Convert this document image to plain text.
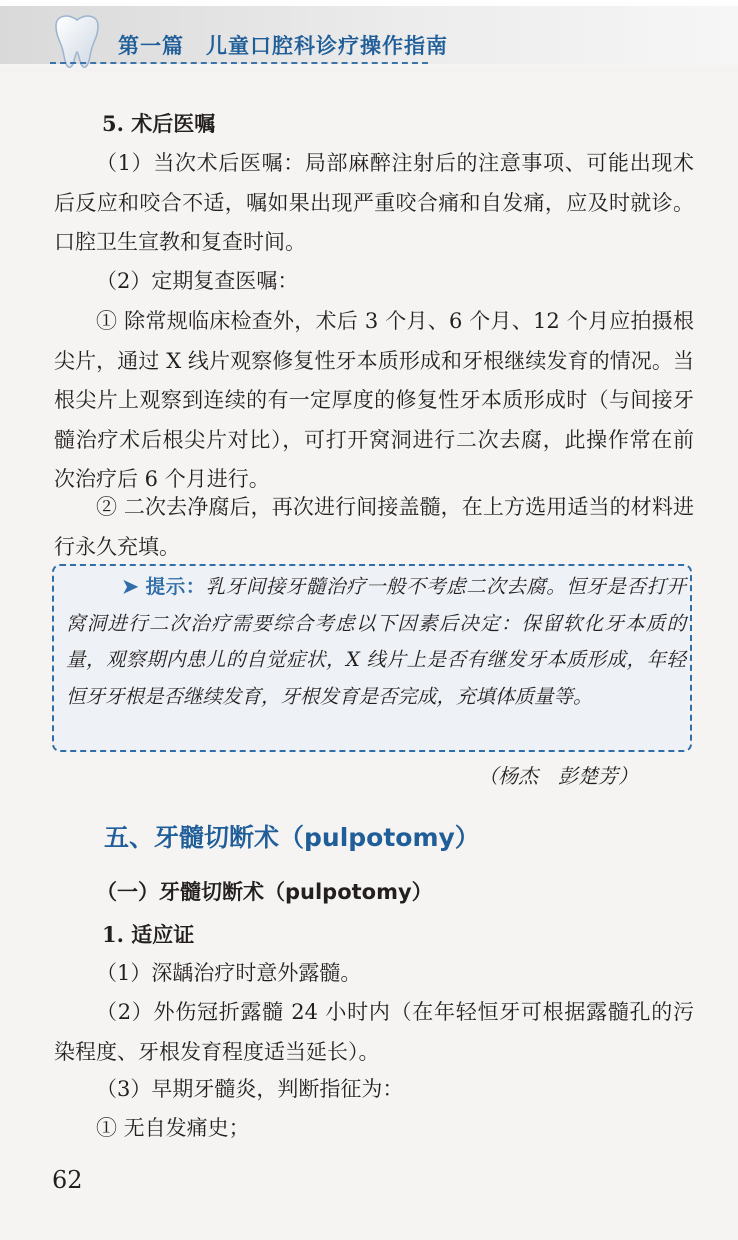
第一篇　儿童口腔科诊疗操作指南
5. 术后医嘱

（1）当次术后医嘱：局部麻醉注射后的注意事项、可能出现术后反应和咬合不适，嘱如果出现严重咬合痛和自发痛，应及时就诊。口腔卫生宣教和复查时间。

（2）定期复查医嘱：

① 除常规临床检查外，术后 3 个月、6 个月、12 个月应拍摄根尖片，通过 X 线片观察修复性牙本质形成和牙根继续发育的情况。当根尖片上观察到连续的有一定厚度的修复性牙本质形成时（与间接牙髓治疗术后根尖片对比），可打开窝洞进行二次去腐，此操作常在前次治疗后 6 个月进行。

② 二次去净腐后，再次进行间接盖髓，在上方选用适当的材料进行永久充填。

➤ 提示：乳牙间接牙髓治疗一般不考虑二次去腐。恒牙是否打开窝洞进行二次治疗需要综合考虑以下因素后决定：保留软化牙本质的量，观察期内患儿的自觉症状，X 线片上是否有继发牙本质形成，年轻恒牙牙根是否继续发育，牙根发育是否完成，充填体质量等。

（杨杰　彭楚芳）
五、牙髓切断术（pulpotomy）
（一）牙髓切断术（pulpotomy）
1. 适应证

（1）深龋治疗时意外露髓。

（2）外伤冠折露髓 24 小时内（在年轻恒牙可根据露髓孔的污染程度、牙根发育程度适当延长）。

（3）早期牙髓炎，判断指征为：

① 无自发痛史；

62
